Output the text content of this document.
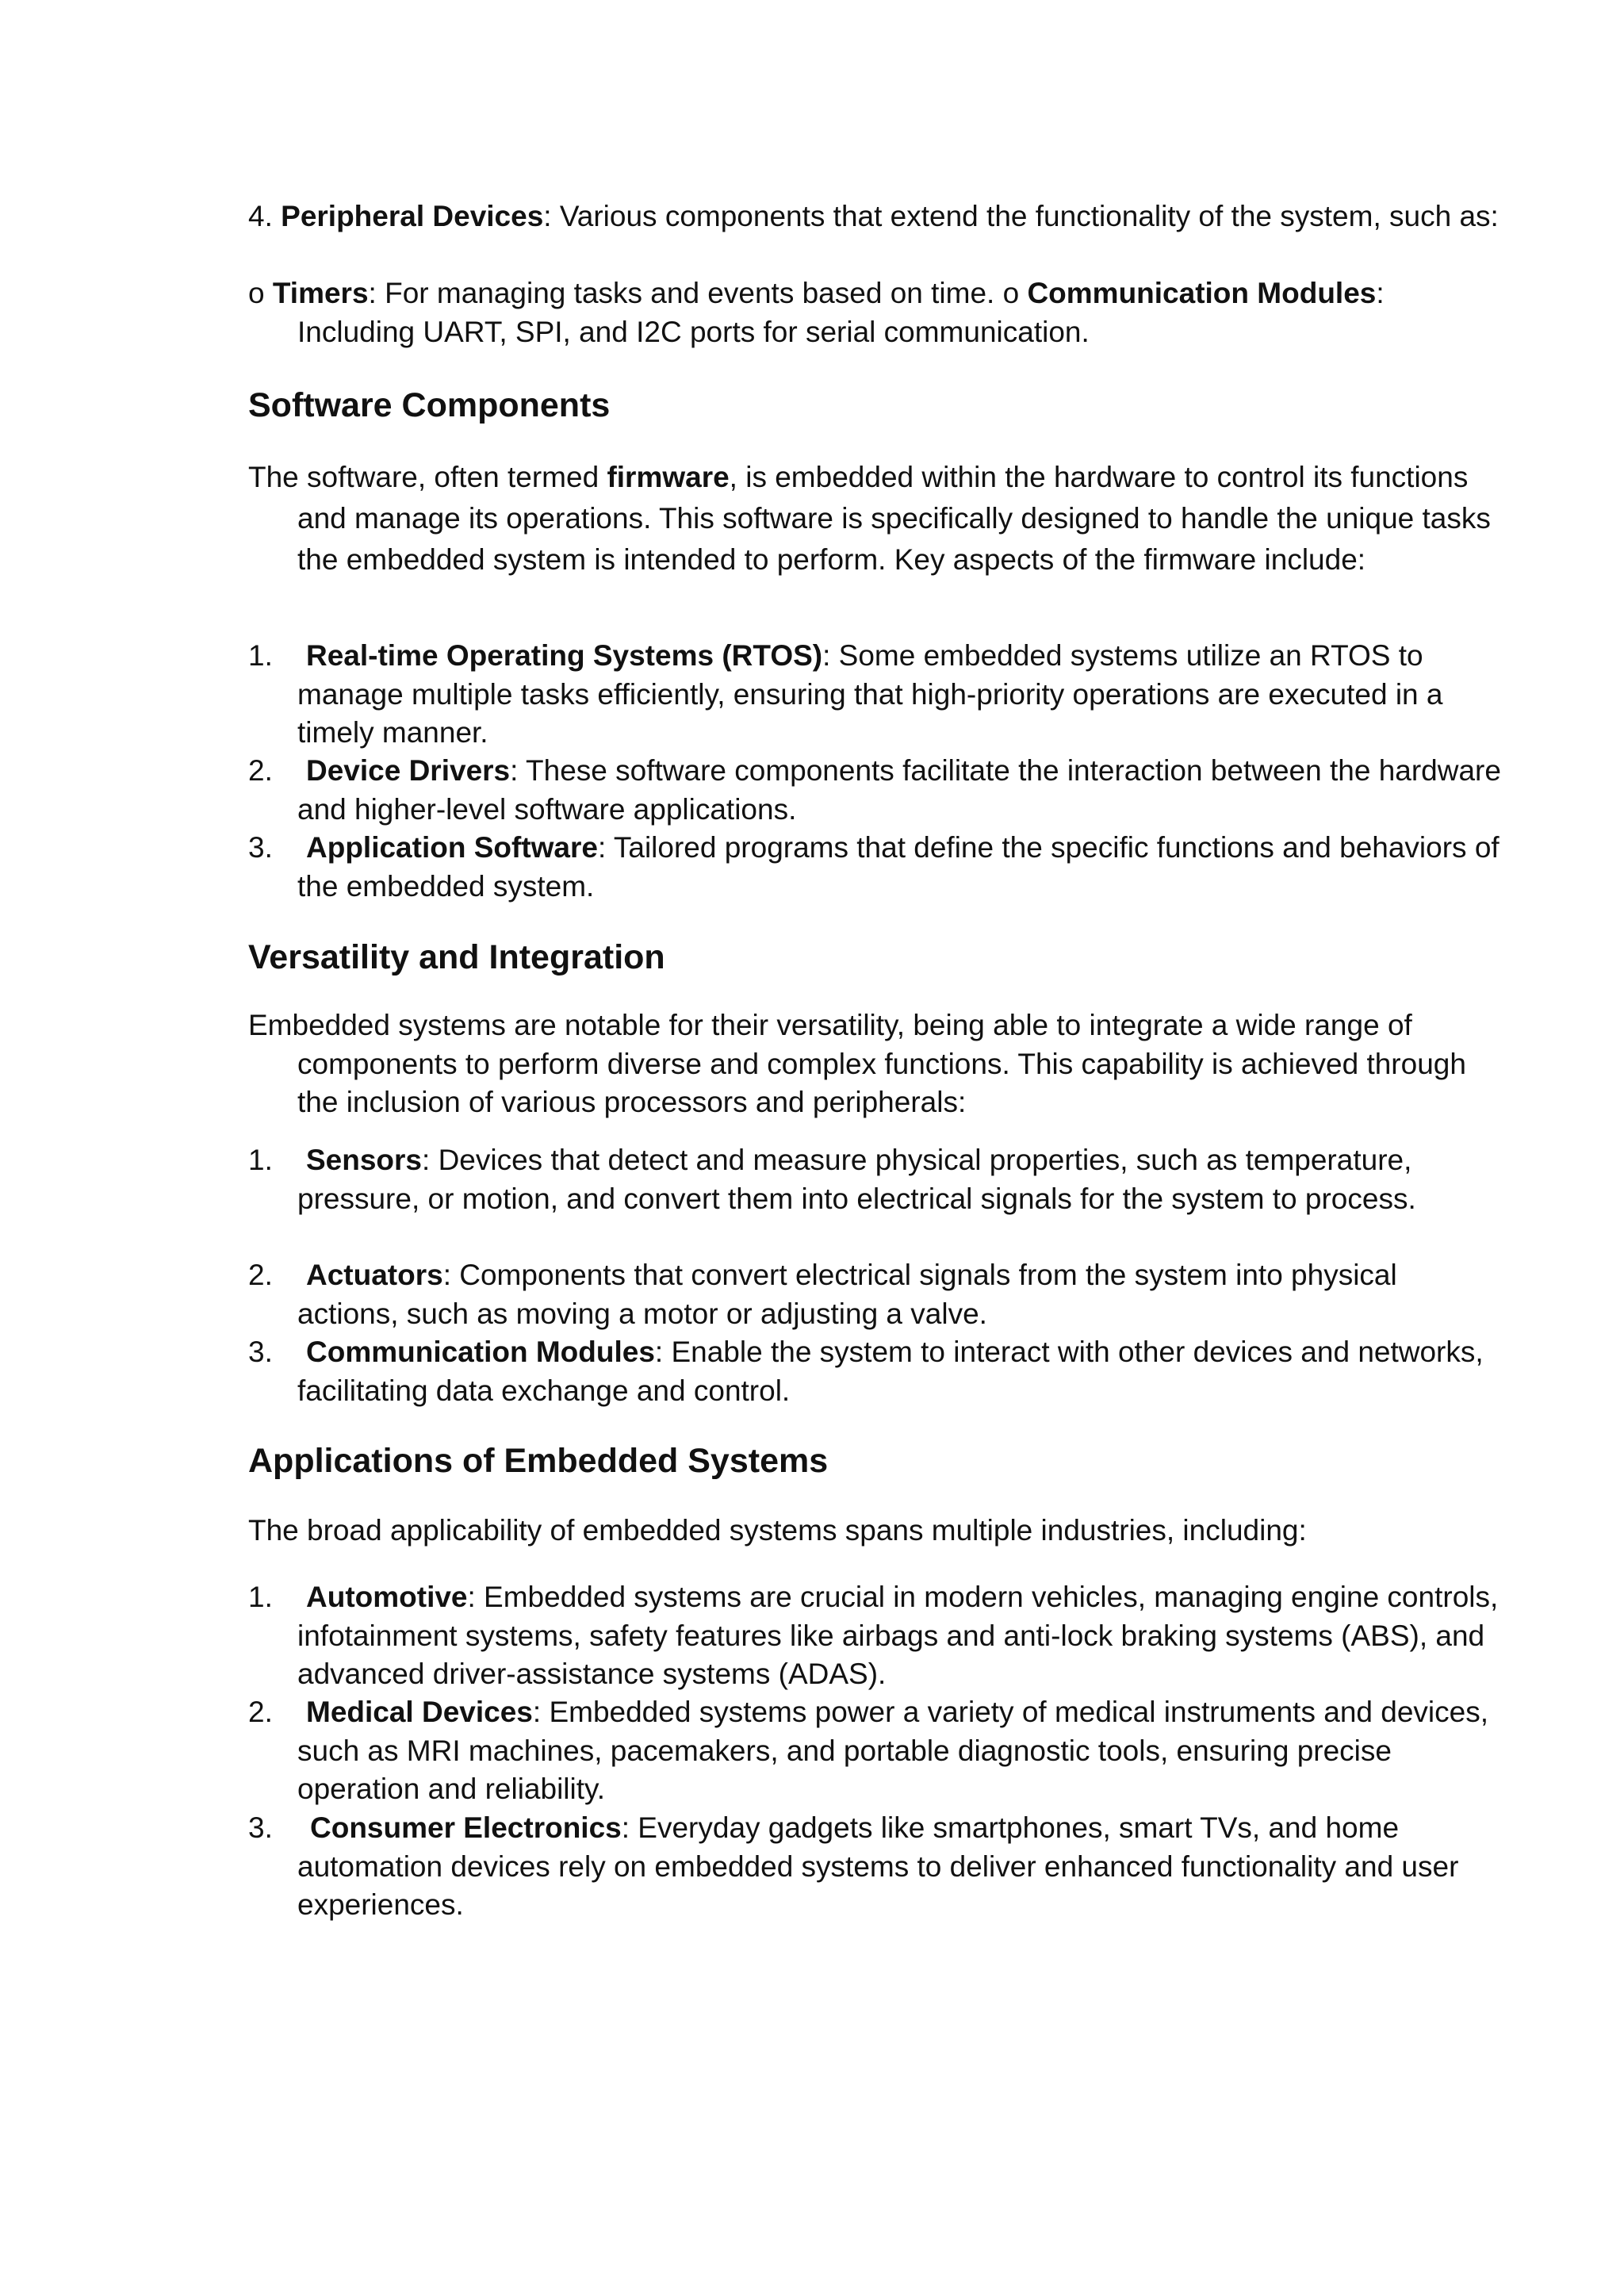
4. Peripheral Devices: Various components that extend the functionality of the system, such as:
o Timers: For managing tasks and events based on time. o Communication Modules: Including UART, SPI, and I2C ports for serial communication.
Software Components
The software, often termed firmware, is embedded within the hardware to control its functions and manage its operations. This software is specifically designed to handle the unique tasks the embedded system is intended to perform. Key aspects of the firmware include:
1. Real-time Operating Systems (RTOS): Some embedded systems utilize an RTOS to manage multiple tasks efficiently, ensuring that high-priority operations are executed in a timely manner.
2. Device Drivers: These software components facilitate the interaction between the hardware and higher-level software applications.
3. Application Software: Tailored programs that define the specific functions and behaviors of the embedded system.
Versatility and Integration
Embedded systems are notable for their versatility, being able to integrate a wide range of components to perform diverse and complex functions. This capability is achieved through the inclusion of various processors and peripherals:
1. Sensors: Devices that detect and measure physical properties, such as temperature, pressure, or motion, and convert them into electrical signals for the system to process.
2. Actuators: Components that convert electrical signals from the system into physical actions, such as moving a motor or adjusting a valve.
3. Communication Modules: Enable the system to interact with other devices and networks, facilitating data exchange and control.
Applications of Embedded Systems
The broad applicability of embedded systems spans multiple industries, including:
1. Automotive: Embedded systems are crucial in modern vehicles, managing engine controls, infotainment systems, safety features like airbags and anti-lock braking systems (ABS), and advanced driver-assistance systems (ADAS).
2. Medical Devices: Embedded systems power a variety of medical instruments and devices, such as MRI machines, pacemakers, and portable diagnostic tools, ensuring precise operation and reliability.
3.	Consumer Electronics: Everyday gadgets like smartphones, smart TVs, and home automation devices rely on embedded systems to deliver enhanced functionality and user experiences.
